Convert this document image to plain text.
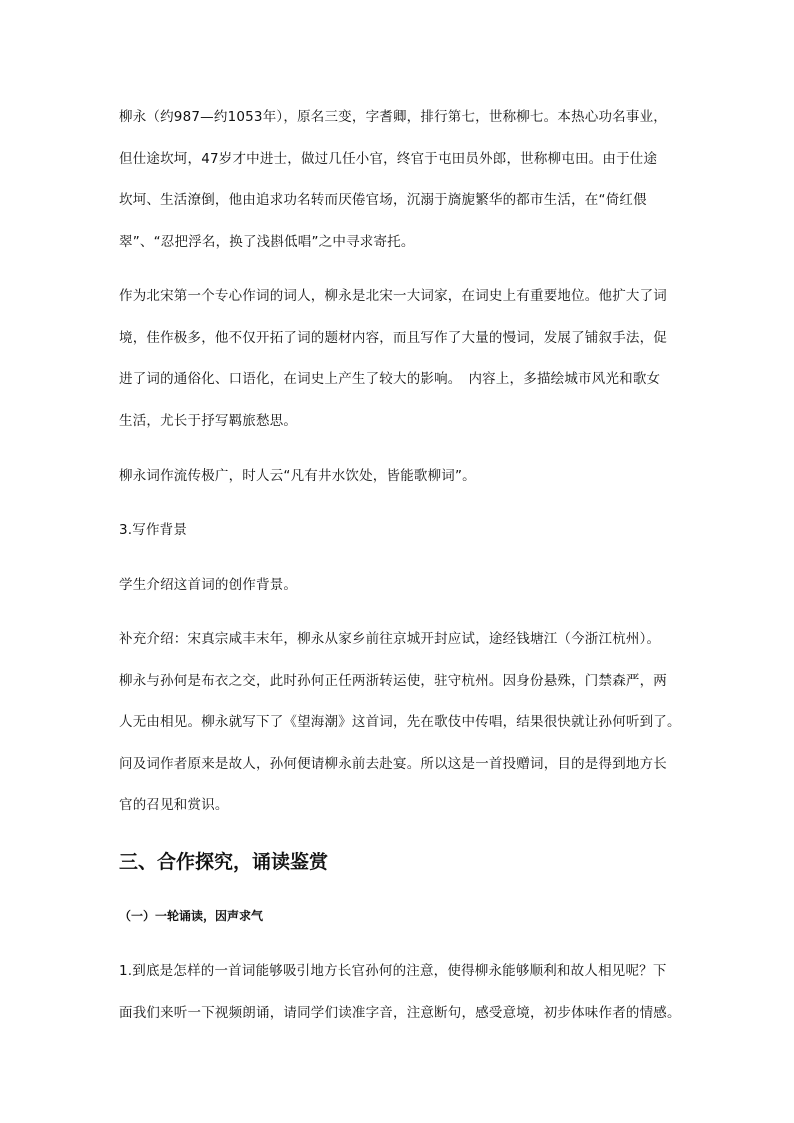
柳永（约987—约1053年），原名三变，字耆卿，排行第七，世称柳七。本热心功名事业，
但仕途坎坷，47岁才中进士，做过几任小官，终官于屯田员外郎，世称柳屯田。由于仕途
坎坷、生活潦倒，他由追求功名转而厌倦官场，沉溺于旖旎繁华的都市生活，在“倚红偎
翠”、“忍把浮名，换了浅斟低唱”之中寻求寄托。
作为北宋第一个专心作词的词人，柳永是北宋一大词家，在词史上有重要地位。他扩大了词
境，佳作极多，他不仅开拓了词的题材内容，而且写作了大量的慢词，发展了铺叙手法，促
进了词的通俗化、口语化，在词史上产生了较大的影响。　内容上，多描绘城市风光和歌女
生活，尤长于抒写羁旅愁思。
柳永词作流传极广，时人云“凡有井水饮处，皆能歌柳词”。
3.写作背景
学生介绍这首词的创作背景。
补充介绍：宋真宗咸丰末年，柳永从家乡前往京城开封应试，途经钱塘江（今浙江杭州）。
柳永与孙何是布衣之交，此时孙何正任两浙转运使，驻守杭州。因身份悬殊，门禁森严，两
人无由相见。柳永就写下了《望海潮》这首词，先在歌伎中传唱，结果很快就让孙何听到了。
问及词作者原来是故人，孙何便请柳永前去赴宴。所以这是一首投赠词，目的是得到地方长
官的召见和赏识。
三、合作探究，诵读鉴赏
（一）一轮诵读，因声求气
1.到底是怎样的一首词能够吸引地方长官孙何的注意，使得柳永能够顺利和故人相见呢？下
面我们来听一下视频朗诵，请同学们读准字音，注意断句，感受意境，初步体味作者的情感。
